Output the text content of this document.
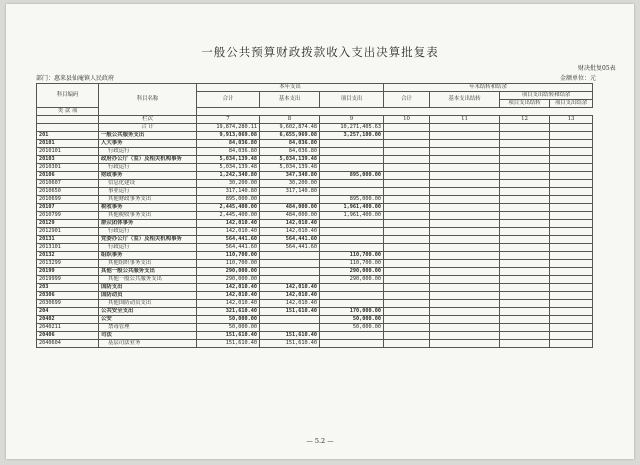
一般公共预算财政拨款收入支出决算批复表
财决批复05表
部门：惠来县仙庵镇人民政府	金额单位：元
科目编码	科目名称	本年支出			年末结转和结余			
		合计	基本支出	项目支出	合计	基本支出结转	项目支出结转和结余	
							项目支出结转	项目支出结余

类 款 项								
	栏次	7	8	9	10	11	12	13
	合 计	19,874,280.11	9,602,874.48	10,271,405.63				
201	一般公共服务支出	9,913,069.08	6,655,969.08	3,257,100.00				
20101	人大事务	84,036.80	84,036.80					
2010101	行政运行	84,036.80	84,036.80					
20103	政府办公厅（室）及相关机构事务	5,034,139.48	5,034,139.48					
2010301	行政运行	5,034,139.48	5,034,139.48					
20106	财政事务	1,242,340.80	347,340.80	895,000.00				
2010607	信息化建设	30,200.00	30,200.00					
2010650	事业运行	317,140.80	317,140.80					
2010699	其他财政事务支出	895,000.00		895,000.00				
20107	税收事务	2,445,400.00	484,000.00	1,961,400.00				
2010799	其他税收事务支出	2,445,400.00	484,000.00	1,961,400.00				
20129	群众团体事务	142,010.40	142,010.40					
2012901	行政运行	142,010.40	142,010.40					
20131	党委办公厅（室）及相关机构事务	564,441.60	564,441.60					
2013101	行政运行	564,441.60	564,441.60					
20132	组织事务	110,700.00		110,700.00				
2013299	其他组织事务支出	110,700.00		110,700.00				
20199	其他一般公共服务支出	290,000.00		290,000.00				
2019999	其他一般公共服务支出	290,000.00		290,000.00				
203	国防支出	142,010.40	142,010.40					
20306	国防动员	142,010.40	142,010.40					
2030699	其他国防动员支出	142,010.40	142,010.40					
204	公共安全支出	321,610.40	151,610.40	170,000.00				
20402	公安	50,000.00		50,000.00				
2040211	禁毒管理	50,000.00		50,000.00				
20406	司法	151,610.40	151,610.40					
2040604	基层司法业务	151,610.40	151,610.40					
— 5.2 —
